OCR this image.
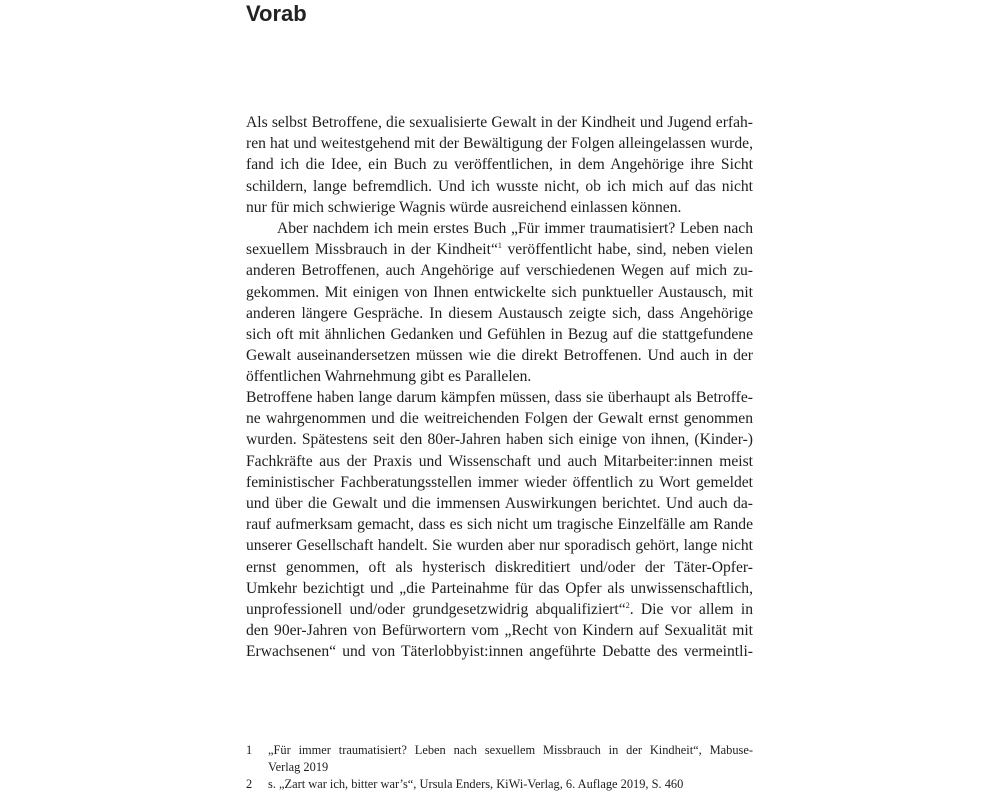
Vorab
Als selbst Betroffene, die sexualisierte Gewalt in der Kindheit und Jugend erfah-
ren hat und weitestgehend mit der Bewältigung der Folgen alleingelassen wurde,
fand ich die Idee, ein Buch zu veröffentlichen, in dem Angehörige ihre Sicht
schildern, lange befremdlich. Und ich wusste nicht, ob ich mich auf das nicht
nur für mich schwierige Wagnis würde ausreichend einlassen können.
Aber nachdem ich mein erstes Buch „Für immer traumatisiert? Leben nach
sexuellem Missbrauch in der Kindheit“$^1$ veröffentlicht habe, sind, neben vielen
anderen Betroffenen, auch Angehörige auf verschiedenen Wegen auf mich zu-
gekommen. Mit einigen von Ihnen entwickelte sich punktueller Austausch, mit
anderen längere Gespräche. In diesem Austausch zeigte sich, dass Angehörige
sich oft mit ähnlichen Gedanken und Gefühlen in Bezug auf die stattgefundene
Gewalt auseinandersetzen müssen wie die direkt Betroffenen. Und auch in der
öffentlichen Wahrnehmung gibt es Parallelen.
Betroffene haben lange darum kämpfen müssen, dass sie überhaupt als Betroffe-
ne wahrgenommen und die weitreichenden Folgen der Gewalt ernst genommen
wurden. Spätestens seit den 80er-Jahren haben sich einige von ihnen, (Kinder-)
Fachkräfte aus der Praxis und Wissenschaft und auch Mitarbeiter:innen meist
feministischer Fachberatungsstellen immer wieder öffentlich zu Wort gemeldet
und über die Gewalt und die immensen Auswirkungen berichtet. Und auch da-
rauf aufmerksam gemacht, dass es sich nicht um tragische Einzelfälle am Rande
unserer Gesellschaft handelt. Sie wurden aber nur sporadisch gehört, lange nicht
ernst genommen, oft als hysterisch diskreditiert und/oder der Täter-Opfer-
Umkehr bezichtigt und „die Parteinahme für das Opfer als unwissenschaftlich,
unprofessionell und/oder grundgesetzwidrig abqualifiziert“$^2$. Die vor allem in
den 90er-Jahren von Befürwortern vom „Recht von Kindern auf Sexualität mit
Erwachsenen“ und von Täterlobbyist:innen angeführte Debatte des vermeintli-
1 „Für immer traumatisiert? Leben nach sexuellem Missbrauch in der Kindheit“, Mabuse-
Verlag 2019
2 s. „Zart war ich, bitter war’s“, Ursula Enders, KiWi-Verlag, 6. Auflage 2019, S. 460
